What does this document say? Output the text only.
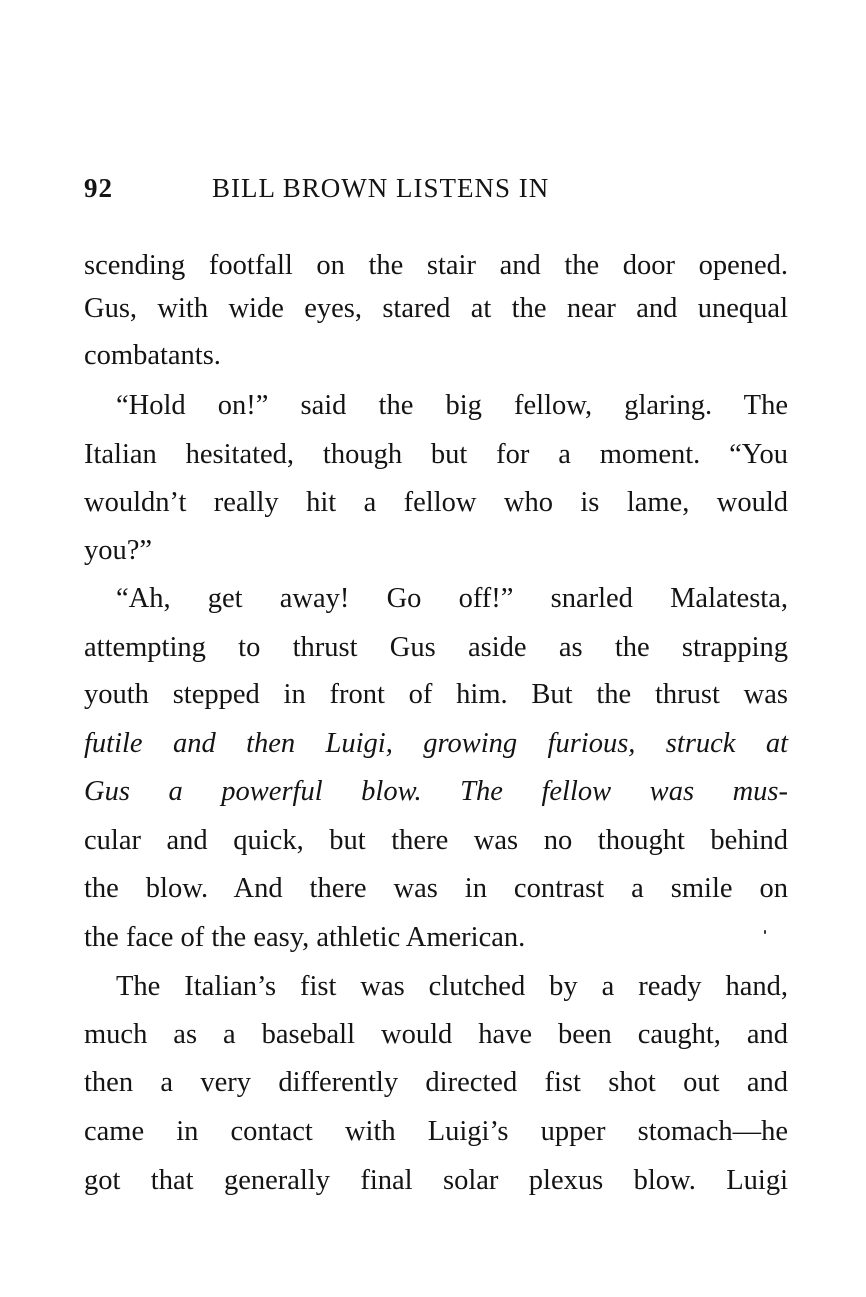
92	BILL BROWN LISTENS IN
scending footfall on the stair and the door opened.
Gus, with wide eyes, stared at the near and unequal
combatants.
“Hold on!” said the big fellow, glaring. The
Italian hesitated, though but for a moment. “You
wouldn’t really hit a fellow who is lame, would
you?”
“Ah, get away! Go off!” snarled Malatesta,
attempting to thrust Gus aside as the strapping
youth stepped in front of him. But the thrust was
futile and then Luigi, growing furious, struck at
Gus a powerful blow. The fellow was mus-
cular and quick, but there was no thought behind
the blow. And there was in contrast a smile on
the face of the easy, athletic American.
The Italian’s fist was clutched by a ready hand,
much as a baseball would have been caught, and
then a very differently directed fist shot out and
came in contact with Luigi’s upper stomach—he
got that generally final solar plexus blow. Luigi
